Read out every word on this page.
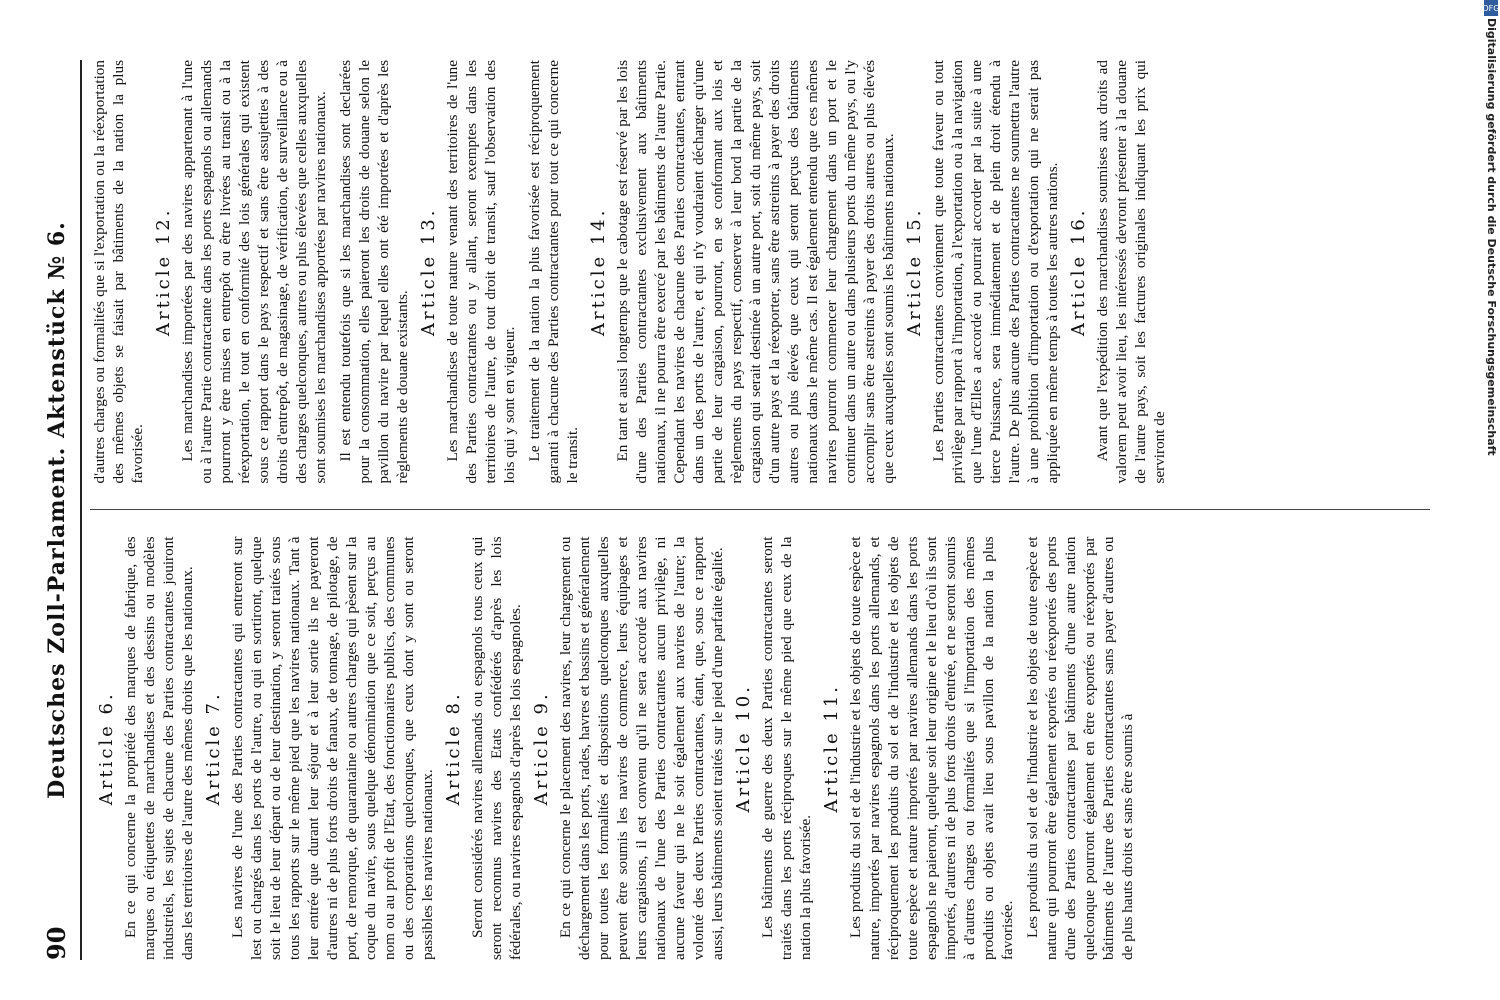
90
Deutsches Zoll-Parlament. Aktenstück № 6. Article 6. En ce qui concerne la propriété des marques de fabrique, des marques ou étiquettes de marchandises et des dessins ou modèles industriels, les sujets de chacune des Parties contractantes jouiront dans les territoires de l'autre des mêmes droits que les nationaux. Article 7. Les navires de l'une des Parties contractantes qui entreront sur lest ou chargés dans les ports de l'autre, ou qui en sortiront, quelque soit le lieu de leur départ ou de leur destination, y seront traités sous tous les rapports sur le même pied que les navires nationaux. Tant à leur entrée que durant leur séjour et à leur sortie ils ne payeront d'autres ni de plus forts droits de fanaux, de tonnage, de pilotage, de port, de remorque, de quarantaine ou autres charges qui pèsent sur la coque du navire, sous quelque dénomination que ce soit, perçus au nom ou au profit de l'Etat, des fonctionnaires publics, des communes ou des corporations quelconques, que ceux dont y sont ou seront passibles les navires nationaux.

Article 8. Seront considérés navires allemands ou espagnols tous ceux qui seront reconnus navires des Etats confédérés d'après les lois fédérales, ou navires espagnols d'après les lois espagnoles. Article 9. En ce qui concerne le placement des navires, leur chargement ou déchargement dans les ports, rades, havres et bassins et généralement pour toutes les formalités et dispositions quelconques auxquelles peuvent être soumis les navires de commerce, leurs équipages et leurs cargaisons, il est convenu qu'il ne sera accordé aux navires nationaux de l'une des Parties contractantes aucun privilège, ni aucune faveur qui ne le soit également aux navires de l'autre; la volonté des deux Parties contractantes, étant, que, sous ce rapport aussi, leurs bâtiments soient traités sur le pied d'une parfaite égalité. Article 10. Les bâtiments de guerre des deux Parties contractantes seront traités dans les ports réciproques sur le même pied que ceux de la nation la plus favorisée.

Article 11. Les produits du sol et de l'industrie et les objets de toute espèce et nature, importés par navires espagnols dans les ports allemands, et réciproquement les produits du sol et de l'industrie et les objets de toute espèce et nature importés par navires allemands dans les ports espagnols ne paieront, quelque soit leur origine et le lieu d'où ils sont importés, d'autres ni de plus forts droits d'entrée, et ne seront soumis à d'autres charges ou formalités que si l'importation des mêmes produits ou objets avait lieu sous pavillon de la nation la plus favorisée. Les produits du sol et de l'industrie et les objets de toute espèce et nature qui pourront être également exportés ou réexportés des ports d'une des Parties contractantes par bâtiments d'une autre nation quelconque pourront également en être exportés ou réexportés par bâtiments de l'autre des Parties contractantes sans payer d'autres ou de plus hauts droits et sans être soumis à

d'autres charges ou formalités que si l'exportation ou la réexportation des mêmes objets se faisait par bâtiments de la nation la plus favorisée.

Article 12. Les marchandises importées par des navires appartenant à l'une ou à l'autre Partie contractante dans les ports espagnols ou allemands pourront y être mises en entrepôt ou être livrées au transit ou à la réexportation, le tout en conformité des lois générales qui existent sous ce rapport dans le pays respectif et sans être assujetties à des droits d'entrepôt, de magasinage, de vérification, de surveillance ou à des charges quelconques, autres ou plus élevées que celles auxquelles sont soumises les marchandises apportées par navires nationaux. Il est entendu toutefois que si les marchandises sont declarées pour la consommation, elles paieront les droits de douane selon le pavillon du navire par lequel elles ont été importées et d'après les règlements de douane existants.

Article 13. Les marchandises de toute nature venant des territoires de l'une des Parties contractantes ou y allant, seront exemptes dans les territoires de l'autre, de tout droit de transit, sauf l'observation des lois qui y sont en vigueur. Le traitement de la nation la plus favorisée est réciproquement garanti à chacune des Parties contractantes pour tout ce qui concerne le transit.

Article 14. En tant et aussi longtemps que le cabotage est réservé par les lois d'une des Parties contractantes exclusivement aux bâtiments nationaux, il ne pourra être exercé par les bâtiments de l'autre Partie. Cependant les navires de chacune des Parties contractantes, entrant dans un des ports de l'autre, et qui n'y voudraient décharger qu'une partie de leur cargaison, pourront, en se conformant aux lois et règlements du pays respectif, conserver à leur bord la partie de la cargaison qui serait destinée à un autre port, soit du même pays, soit d'un autre pays et la réexporter, sans être astreints à payer des droits autres ou plus élevés que ceux qui seront perçus des bâtiments nationaux dans le même cas. Il est également entendu que ces mêmes navires pourront commencer leur chargement dans un port et le continuer dans un autre ou dans plusieurs ports du même pays, ou l'y accomplir sans être astreints à payer des droits autres ou plus élevés que ceux auxquelles sont soumis les bâtiments nationaux. Article 15. Les Parties contractantes conviennent que toute faveur ou tout privilège par rapport à l'importation, à l'exportation ou à la navigation que l'une d'Elles a accordé ou pourrait accorder par la suite à une tierce Puissance, sera immédiatement et de plein droit étendu à l'autre. De plus aucune des Parties contractantes ne soumettra l'autre à une prohibition d'importation ou d'exportation qui ne serait pas appliquée en même temps à toutes les autres nations. Article 16. Avant que l'expédition des marchandises soumises aux droits ad valorem peut avoir lieu, les intéressés devront présenter à la douane de l'autre pays, soit les factures originales indiquant les prix qui serviront de

DFG
Digitalisierung gefördert durch die Deutsche Forschungsgemeinschaft
